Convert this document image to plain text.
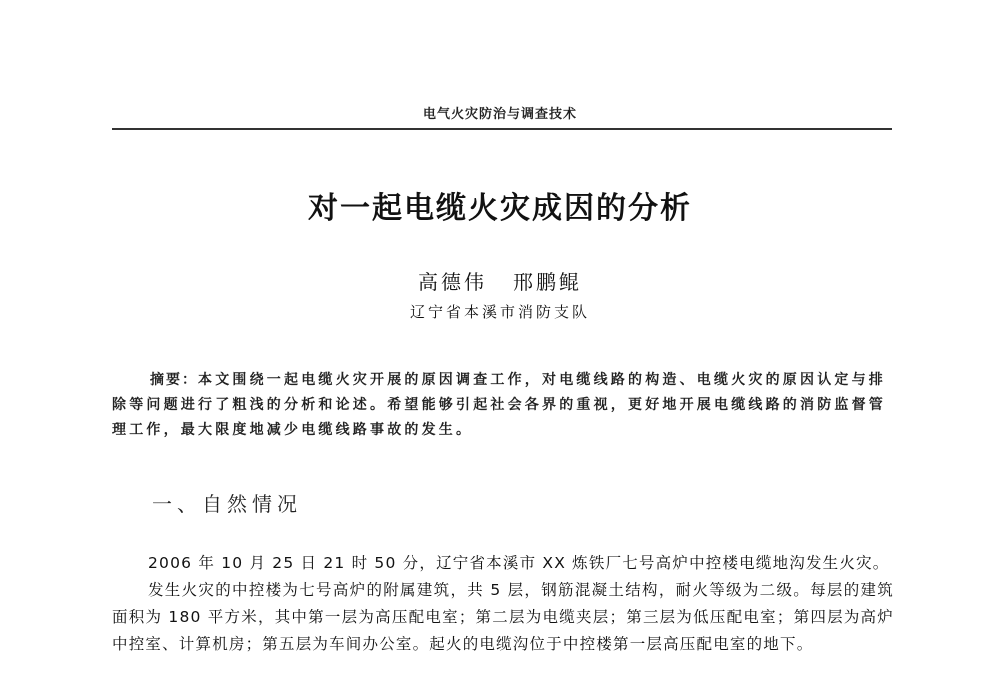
电气火灾防治与调查技术
对一起电缆火灾成因的分析
高德伟 邢鹏鲲
辽宁省本溪市消防支队
摘要：本文围绕一起电缆火灾开展的原因调查工作，对电缆线路的构造、电缆火灾的原因认定与排除等问题进行了粗浅的分析和论述。希望能够引起社会各界的重视，更好地开展电缆线路的消防监督管理工作，最大限度地减少电缆线路事故的发生。
一、自然情况

2006 年 10 月 25 日 21 时 50 分，辽宁省本溪市 XX 炼铁厂七号高炉中控楼电缆地沟发生火灾。

发生火灾的中控楼为七号高炉的附属建筑，共 5 层，钢筋混凝土结构，耐火等级为二级。每层的建筑面积为 180 平方米，其中第一层为高压配电室；第二层为电缆夹层；第三层为低压配电室；第四层为高炉中控室、计算机房；第五层为车间办公室。起火的电缆沟位于中控楼第一层高压配电室的地下。
